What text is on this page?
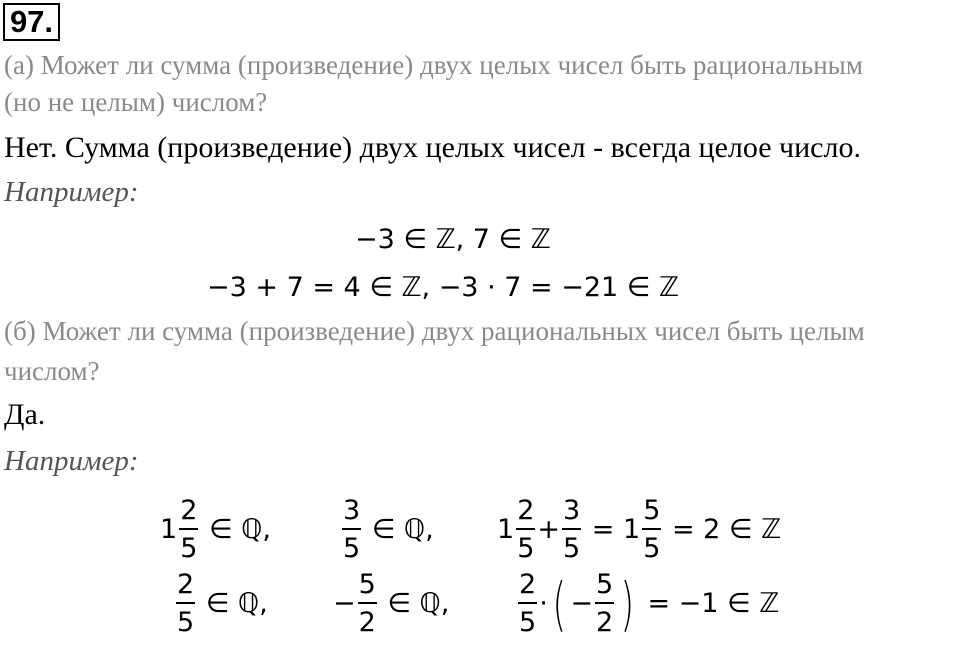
97.
(а) Может ли сумма (произведение) двух целых чисел быть рациональным
(но не целым) числом?
Нет. Сумма (произведение) двух целых чисел - всегда целое число.
Например:
−3 ∈ ℤ, 7 ∈ ℤ
−3 + 7 = 4 ∈ ℤ, −3 · 7 = −21 ∈ ℤ
(б) Может ли сумма (произведение) двух рациональных чисел быть целым
числом?
Да.
Например:
$1 \frac{2}{5}$ ∈ ℚ,	$\frac{3}{5}$ ∈ ℚ, $1 \frac{2}{5} + \frac{3}{5} = 1 \frac{5}{5} = 2$ ∈ ℤ
$\frac{2}{5}$ ∈ ℚ, − $\frac{5}{2}$ ∈ ℚ,	$\frac{2}{5}$ ·( − $\frac{5}{2}$ ) = −1 ∈ ℤ
